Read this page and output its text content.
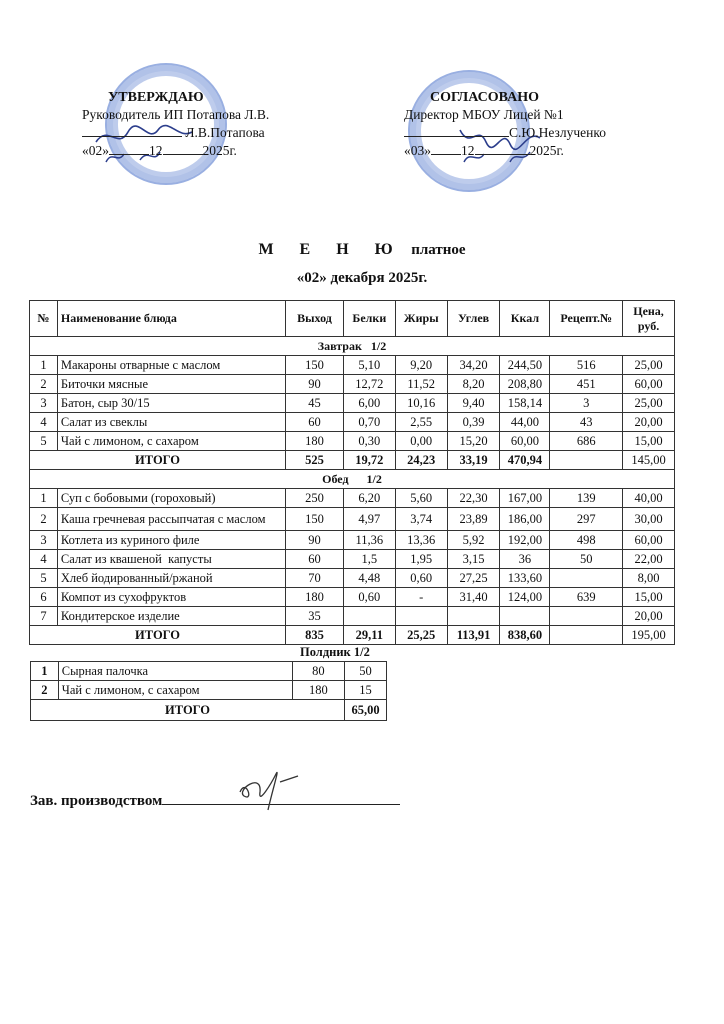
УТВЕРЖДАЮ
Руководитель ИП Потапова Л.В.
Л.В.Потапова
«02»	12	2025г.
СОГЛАСОВАНО
Директор МБОУ Лицей №1
С.Ю.Незлученко
«03» 12	2025г.
М Е Н Ю платное
«02» декабря 2025г.
№	Наименование блюда	Выход	Белки	Жиры	Углев	Ккал	Рецепт.№	Цена, руб.
Завтрак   1/2								
1	Макароны отварные с маслом	150	5,10	9,20	34,20	244,50	516	25,00
2	Биточки мясные	90	12,72	11,52	8,20	208,80	451	60,00
3	Батон, сыр 30/15	45	6,00	10,16	9,40	158,14	3	25,00
4	Салат из свеклы	60	0,70	2,55	0,39	44,00	43	20,00
5	Чай с лимоном, с сахаром	180	0,30	0,00	15,20	60,00	686	15,00
ИТОГО		525	19,72	24,23	33,19	470,94		145,00
Обед      1/2								
1	Суп с бобовыми (гороховый)	250	6,20	5,60	22,30	167,00	139	40,00
2	Каша гречневая рассыпчатая с маслом	150	4,97	3,74	23,89	186,00	297	30,00
3	Котлета из куриного филе	90	11,36	13,36	5,92	192,00	498	60,00
4	Салат из квашеной  капусты	60	1,5	1,95	3,15	36	50	22,00
5	Хлеб йодированный/ржаной	70	4,48	0,60	27,25	133,60		8,00
6	Компот из сухофруктов	180	0,60	-	31,40	124,00	639	15,00
7	Кондитерское изделие	35						20,00
ИТОГО		835	29,11	25,25	113,91	838,60		195,00
Полдник 1/2
1	Сырная палочка	80	50
2	Чай с лимоном, с сахаром	180	15
ИТОГО			65,00
Зав. производством
